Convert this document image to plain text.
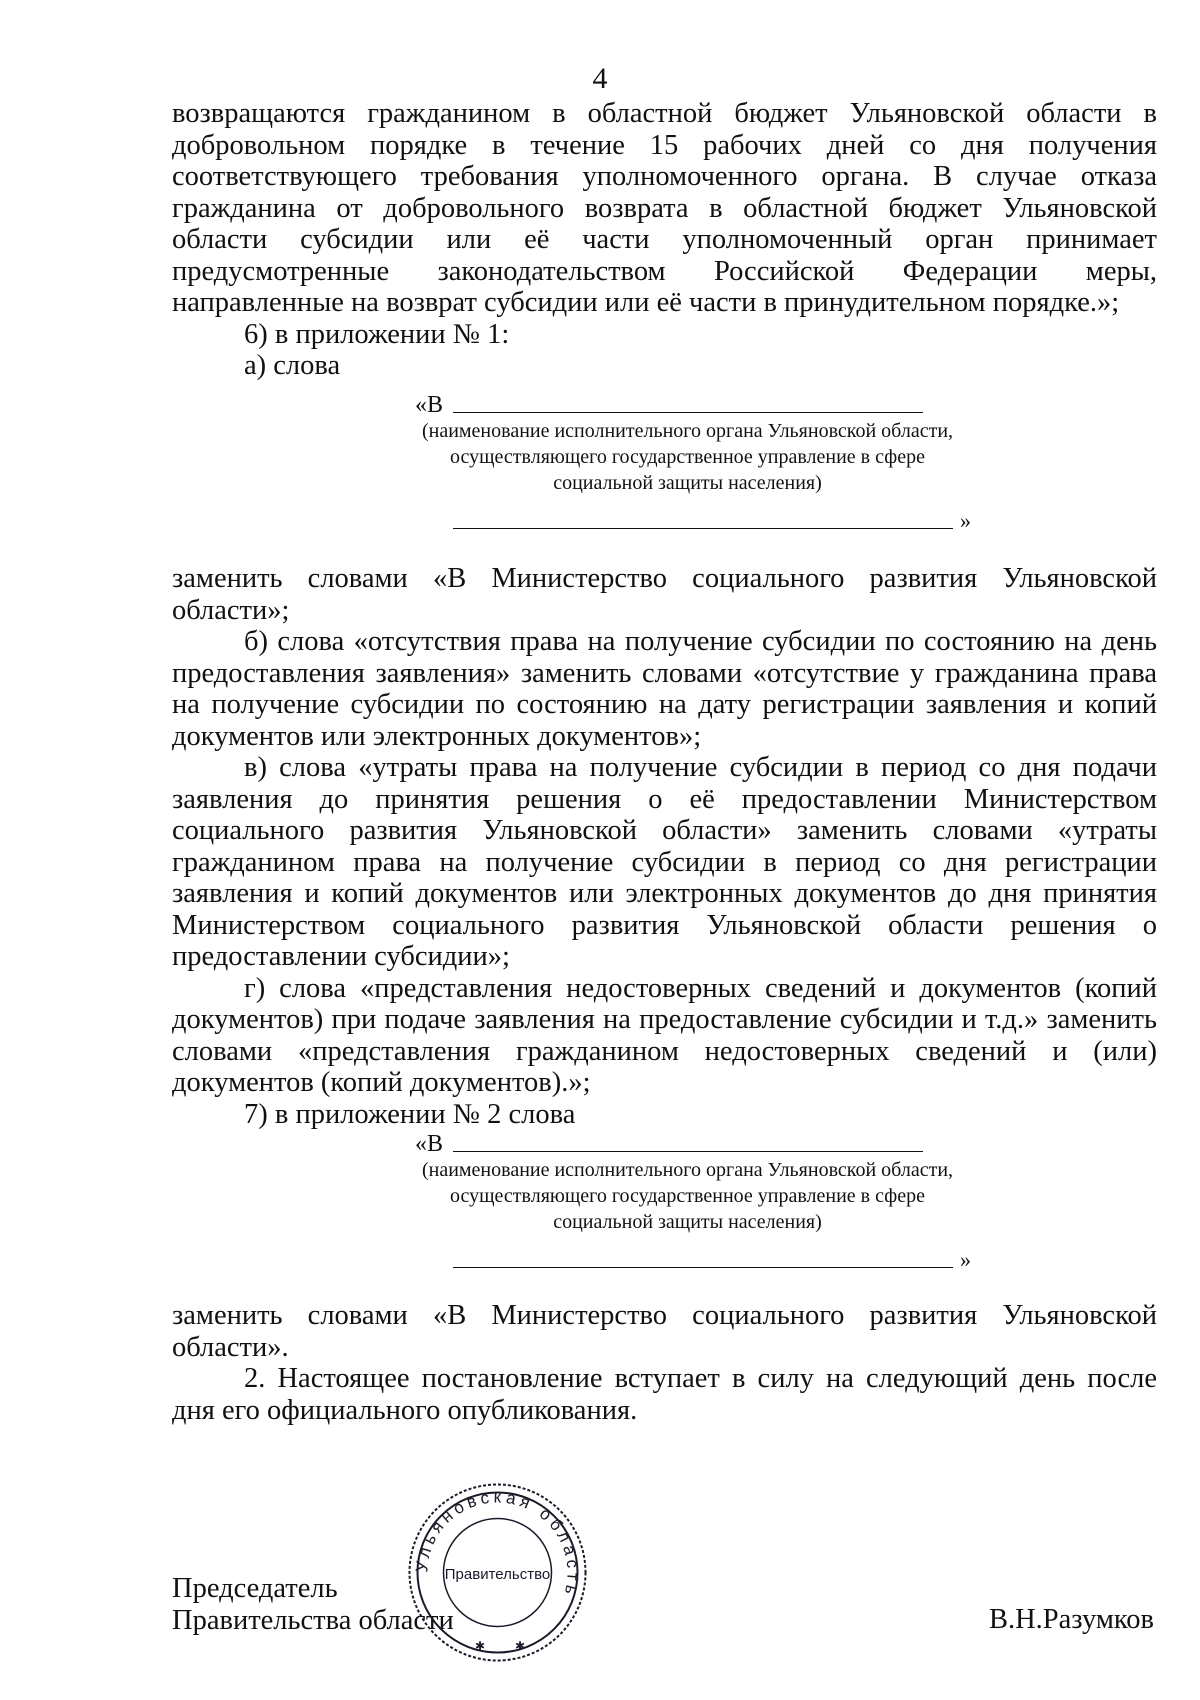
4

возвращаются гражданином в областной бюджет Ульяновской области в добровольном порядке в течение 15 рабочих дней со дня получения соответствующего требования уполномоченного органа. В случае отказа гражданина от добровольного возврата в областной бюджет Ульяновской области субсидии или её части уполномоченный орган принимает предусмотренные законодательством Российской Федерации меры, направленные на возврат субсидии или её части в принудительном порядке.»;

6) в приложении № 1:

а) слова

«В
(наименование исполнительного органа Ульяновской области, осуществляющего государственное управление в сфере социальной защиты населения)
»

заменить словами «В Министерство социального развития Ульяновской области»;

б) слова «отсутствия права на получение субсидии по состоянию на день предоставления заявления» заменить словами «отсутствие у гражданина права на получение субсидии по состоянию на дату регистрации заявления и копий документов или электронных документов»;

в) слова «утраты права на получение субсидии в период со дня подачи заявления до принятия решения о её предоставлении Министерством социального развития Ульяновской области» заменить словами «утраты гражданином права на получение субсидии в период со дня регистрации заявления и копий документов или электронных документов до дня принятия Министерством социального развития Ульяновской области решения о предоставлении субсидии»;

г) слова «представления недостоверных сведений и документов (копий документов) при подаче заявления на предоставление субсидии и т.д.» заменить словами «представления гражданином недостоверных сведений и (или) документов (копий документов).»;

7) в приложении № 2 слова

«В
(наименование исполнительного органа Ульяновской области, осуществляющего государственное управление в сфере социальной защиты населения)
»

заменить словами «В Министерство социального развития Ульяновской области».

2. Настоящее постановление вступает в силу на следующий день после дня его официального опубликования.

Председатель
Правительства области
Ульяновская область
Правительство
✱ ✱
В.Н.Разумков
